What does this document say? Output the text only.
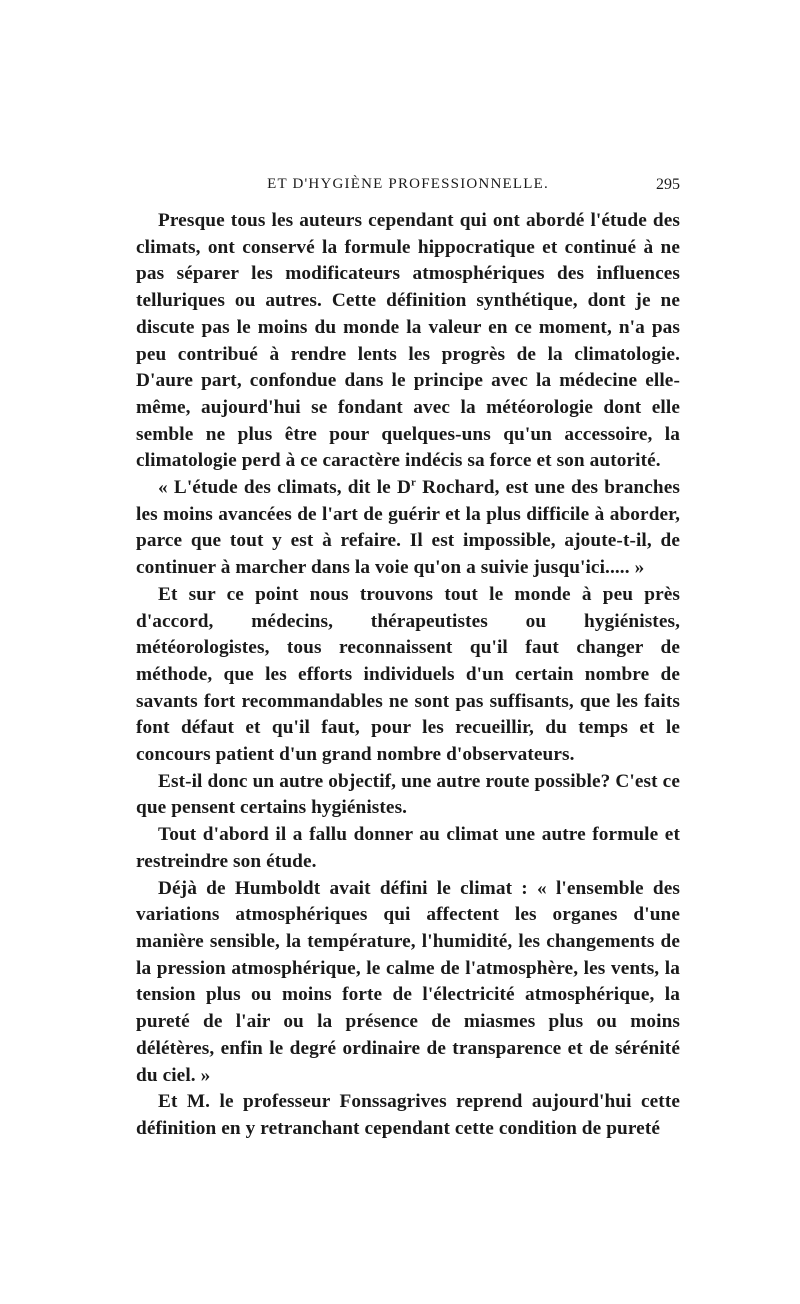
ET D'HYGIÈNE PROFESSIONNELLE.	295

Presque tous les auteurs cependant qui ont abordé l'étude des climats, ont conservé la formule hippocratique et continué à ne pas séparer les modificateurs atmosphériques des influences telluriques ou autres. Cette définition synthétique, dont je ne discute pas le moins du monde la valeur en ce moment, n'a pas peu contribué à rendre lents les progrès de la climatologie. D'aure part, confondue dans le principe avec la médecine elle-même, aujourd'hui se fondant avec la météorologie dont elle semble ne plus être pour quelques-uns qu'un accessoire, la climatologie perd à ce caractère indécis sa force et son autorité.

« L'étude des climats, dit le $D^r$ Rochard, est une des branches les moins avancées de l'art de guérir et la plus difficile à aborder, parce que tout y est à refaire. Il est impossible, ajoute-t-il, de continuer à marcher dans la voie qu'on a suivie jusqu'ici..... »

Et sur ce point nous trouvons tout le monde à peu près d'accord, médecins, thérapeutistes ou hygiénistes, météorologistes, tous reconnaissent qu'il faut changer de méthode, que les efforts individuels d'un certain nombre de savants fort recommandables ne sont pas suffisants, que les faits font défaut et qu'il faut, pour les recueillir, du temps et le concours patient d'un grand nombre d'observateurs.

Est-il donc un autre objectif, une autre route possible? C'est ce que pensent certains hygiénistes.

Tout d'abord il a fallu donner au climat une autre formule et restreindre son étude.

Déjà de Humboldt avait défini le climat : « l'ensemble des variations atmosphériques qui affectent les organes d'une manière sensible, la température, l'humidité, les changements de la pression atmosphérique, le calme de l'atmosphère, les vents, la tension plus ou moins forte de l'électricité atmosphérique, la pureté de l'air ou la présence de miasmes plus ou moins délétères, enfin le degré ordinaire de transparence et de sérénité du ciel. »

Et M. le professeur Fonssagrives reprend aujourd'hui cette définition en y retranchant cependant cette condition de pureté
